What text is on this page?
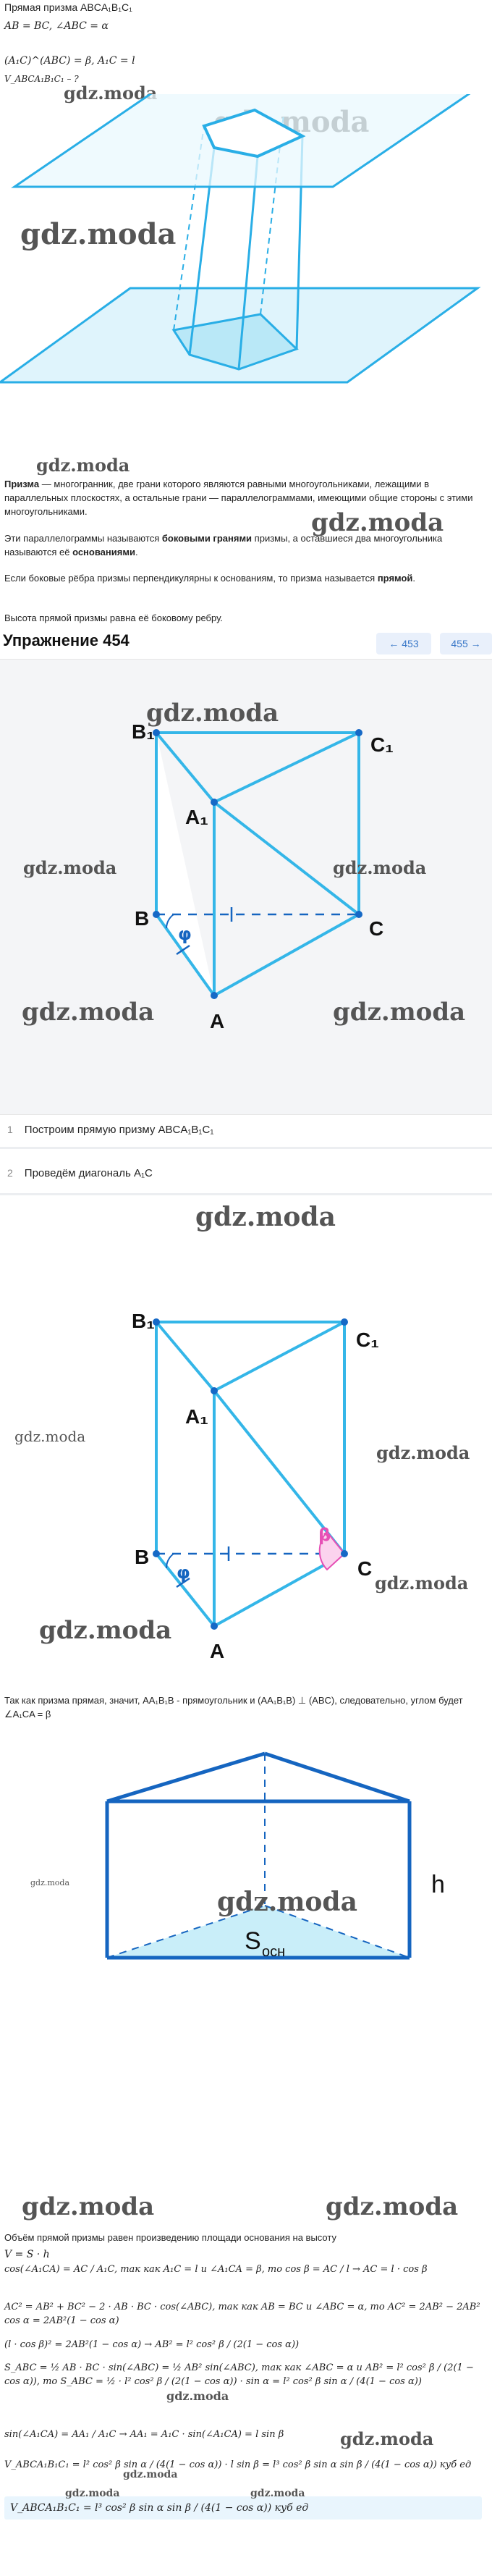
Прямая призма ABCA₁B₁C₁
AB = BC, ∠ABC = α
(A₁C)^(ABC) = β, A₁C = l
V_ABCA₁B₁C₁ – ?
gdz.moda
gdz.moda
gdz.moda
gdz.moda
Призма — многогранник, две грани которого являются равными многоугольниками, лежащими в параллельных плоскостях, а остальные грани — параллелограммами, имеющими общие стороны с этими многоугольниками.
Эти параллелограммы называются боковыми гранями призмы, а оставшиеся два многоугольника называются её основаниями.
Если боковые рёбра призмы перпендикулярны к основаниям, то призма называется прямой.
Высота прямой призмы равна её боковому ребру.
Упражнение 454	← 453	455 →
B₁
C₁
A₁
B	C
A
φ
gdz.moda
gdz.moda	gdz.moda
gdz.moda	gdz.moda
1 Построим прямую призму ABCA₁B₁C₁
2 Проведём диагональ A₁C
gdz.moda
B₁
C₁
A₁
B
C
A
φ
β
gdz.moda
gdz.moda
gdz.moda
gdz.moda
Так как призма прямая, значит, AA₁B₁B - прямоугольник и (AA₁B₁B) ⊥ (ABC), следовательно, углом будет ∠A₁CA = β
h
S осн
gdz.moda
gdz.moda
gdz.moda	gdz.moda
Объём прямой призмы равен произведению площади основания на высоту
V = S · h
cos(∠A₁CA) = AC / A₁C, так как A₁C = l и ∠A₁CA = β, то cos β = AC / l → AC = l · cos β
AC² = AB² + BC² − 2 · AB · BC · cos(∠ABC), так как AB = BC и ∠ABC = α, то AC² = 2AB² − 2AB² cos α = 2AB²(1 − cos α)
(l · cos β)² = 2AB²(1 − cos α) → AB² = l² cos² β / (2(1 − cos α))
S_ABC = ½ AB · BC · sin(∠ABC) = ½ AB² sin(∠ABC), так как ∠ABC = α и AB² = l² cos² β / (2(1 − cos α)), то S_ABC = ½ · l² cos² β / (2(1 − cos α)) · sin α = l² cos² β sin α / (4(1 − cos α))
sin(∠A₁CA) = AA₁ / A₁C → AA₁ = A₁C · sin(∠A₁CA) = l sin β
V_ABCA₁B₁C₁ = l² cos² β sin α / (4(1 − cos α)) · l sin β = l³ cos² β sin α sin β / (4(1 − cos α)) куб ед
V_ABCA₁B₁C₁ = l³ cos² β sin α sin β / (4(1 − cos α)) куб ед
gdz.moda
gdz.moda
gdz.moda
gdz.moda	gdz.moda
